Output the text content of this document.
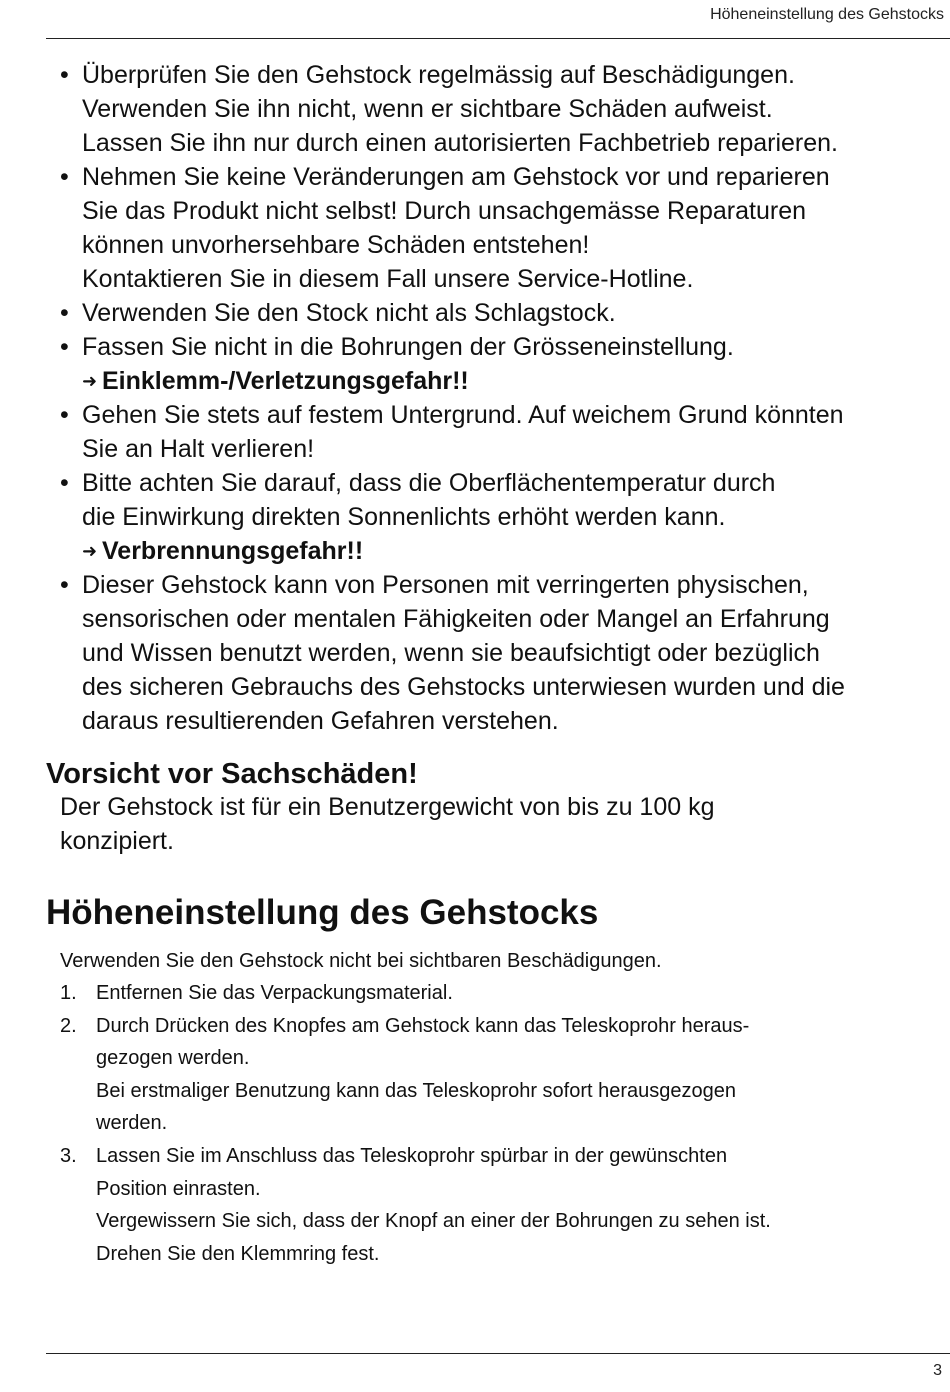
Höheneinstellung des Gehstocks
• Überprüfen Sie den Gehstock regelmässig auf Beschädigungen.
Verwenden Sie ihn nicht, wenn er sichtbare Schäden aufweist.
Lassen Sie ihn nur durch einen autorisierten Fachbetrieb reparieren.
• Nehmen Sie keine Veränderungen am Gehstock vor und reparieren
Sie das Produkt nicht selbst! Durch unsachgemässe Reparaturen
können unvorhersehbare Schäden entstehen!
Kontaktieren Sie in diesem Fall unsere Service-Hotline.
• Verwenden Sie den Stock nicht als Schlagstock.
• Fassen Sie nicht in die Bohrungen der Grösseneinstellung.
➜ Einklemm-/Verletzungsgefahr!!
• Gehen Sie stets auf festem Untergrund. Auf weichem Grund könnten
Sie an Halt verlieren!
• Bitte achten Sie darauf, dass die Oberflächentemperatur durch
die Einwirkung direkten Sonnenlichts erhöht werden kann.
➜ Verbrennungsgefahr!!
• Dieser Gehstock kann von Personen mit verringerten physischen,
sensorischen oder mentalen Fähigkeiten oder Mangel an Erfahrung
und Wissen benutzt werden, wenn sie beaufsichtigt oder bezüglich
des sicheren Gebrauchs des Gehstocks unterwiesen wurden und die
daraus resultierenden Gefahren verstehen.
Vorsicht vor Sachschäden!

Der Gehstock ist für ein Benutzergewicht von bis zu 100 kg konzipiert.

Höheneinstellung des Gehstocks

Verwenden Sie den Gehstock nicht bei sichtbaren Beschädigungen.

1. Entfernen Sie das Verpackungsmaterial.
2. Durch Drücken des Knopfes am Gehstock kann das Teleskoprohr heraus-
gezogen werden.
Bei erstmaliger Benutzung kann das Teleskoprohr sofort herausgezogen
werden.
3. Lassen Sie im Anschluss das Teleskoprohr spürbar in der gewünschten
Position einrasten.
Vergewissern Sie sich, dass der Knopf an einer der Bohrungen zu sehen ist.
Drehen Sie den Klemmring fest.
3
